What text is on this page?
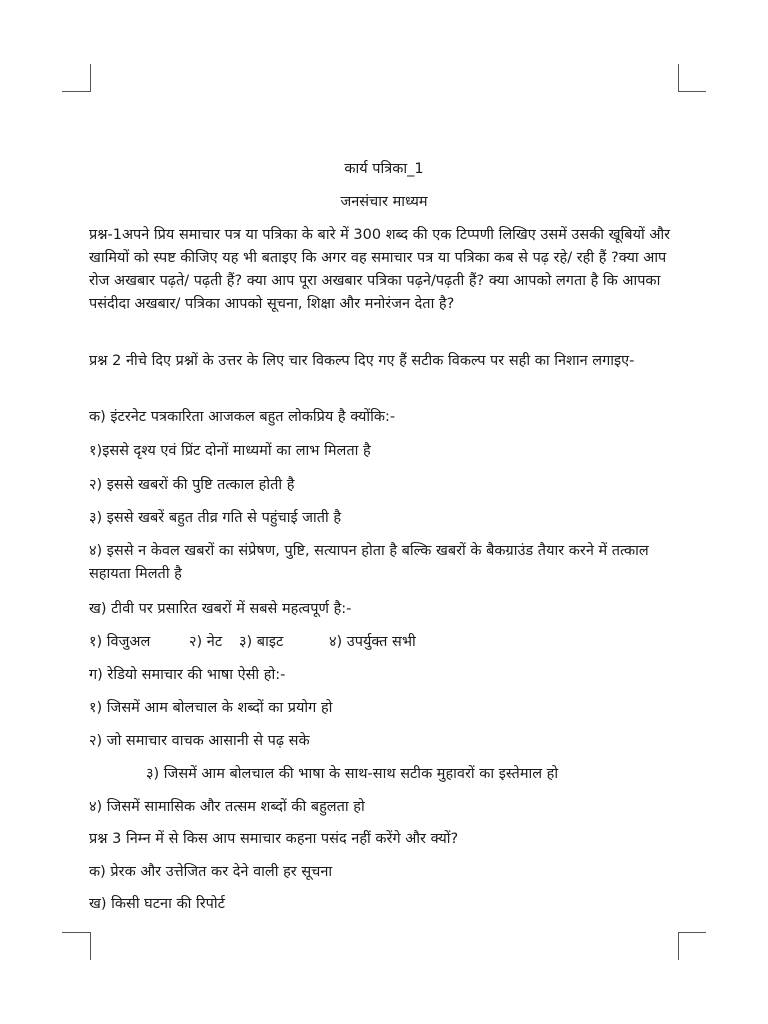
कार्य पत्रिका_1
जनसंचार माध्यम
प्रश्न-1अपने प्रिय समाचार पत्र या पत्रिका के बारे में 300 शब्द की एक टिप्पणी लिखिए उसमें उसकी खूबियों और खामियों को स्पष्ट कीजिए यह भी बताइए कि अगर वह समाचार पत्र या पत्रिका कब से पढ़ रहे/ रही हैं ?क्या आप रोज अखबार पढ़ते/ पढ़ती हैं? क्या आप पूरा अखबार पत्रिका पढ़ने/पढ़ती हैं? क्या आपको लगता है कि आपका पसंदीदा अखबार/ पत्रिका आपको सूचना, शिक्षा और मनोरंजन देता है?
प्रश्न 2 नीचे दिए प्रश्नों के उत्तर के लिए चार विकल्प दिए गए हैं सटीक विकल्प पर सही का निशान लगाइए-
क) इंटरनेट पत्रकारिता आजकल बहुत लोकप्रिय है क्योंकि:-
१)इससे दृश्य एवं प्रिंट दोनों माध्यमों का लाभ मिलता है
२) इससे खबरों की पुष्टि तत्काल होती है
३) इससे खबरें बहुत तीव्र गति से पहुंचाई जाती है
४) इससे न केवल खबरों का संप्रेषण, पुष्टि, सत्यापन होता है बल्कि खबरों के बैकग्राउंड तैयार करने में तत्काल सहायता मिलती है
ख) टीवी पर प्रसारित खबरों में सबसे महत्वपूर्ण है:-
१) विजुअल	२) नेट ३) बाइट	४) उपर्युक्त सभी
ग) रेडियो समाचार की भाषा ऐसी हो:-
१) जिसमें आम बोलचाल के शब्दों का प्रयोग हो
२) जो समाचार वाचक आसानी से पढ़ सके
३) जिसमें आम बोलचाल की भाषा के साथ-साथ सटीक मुहावरों का इस्तेमाल हो
४) जिसमें सामासिक और तत्सम शब्दों की बहुलता हो
प्रश्न 3 निम्न में से किस आप समाचार कहना पसंद नहीं करेंगे और क्यों?
क) प्रेरक और उत्तेजित कर देने वाली हर सूचना
ख) किसी घटना की रिपोर्ट
